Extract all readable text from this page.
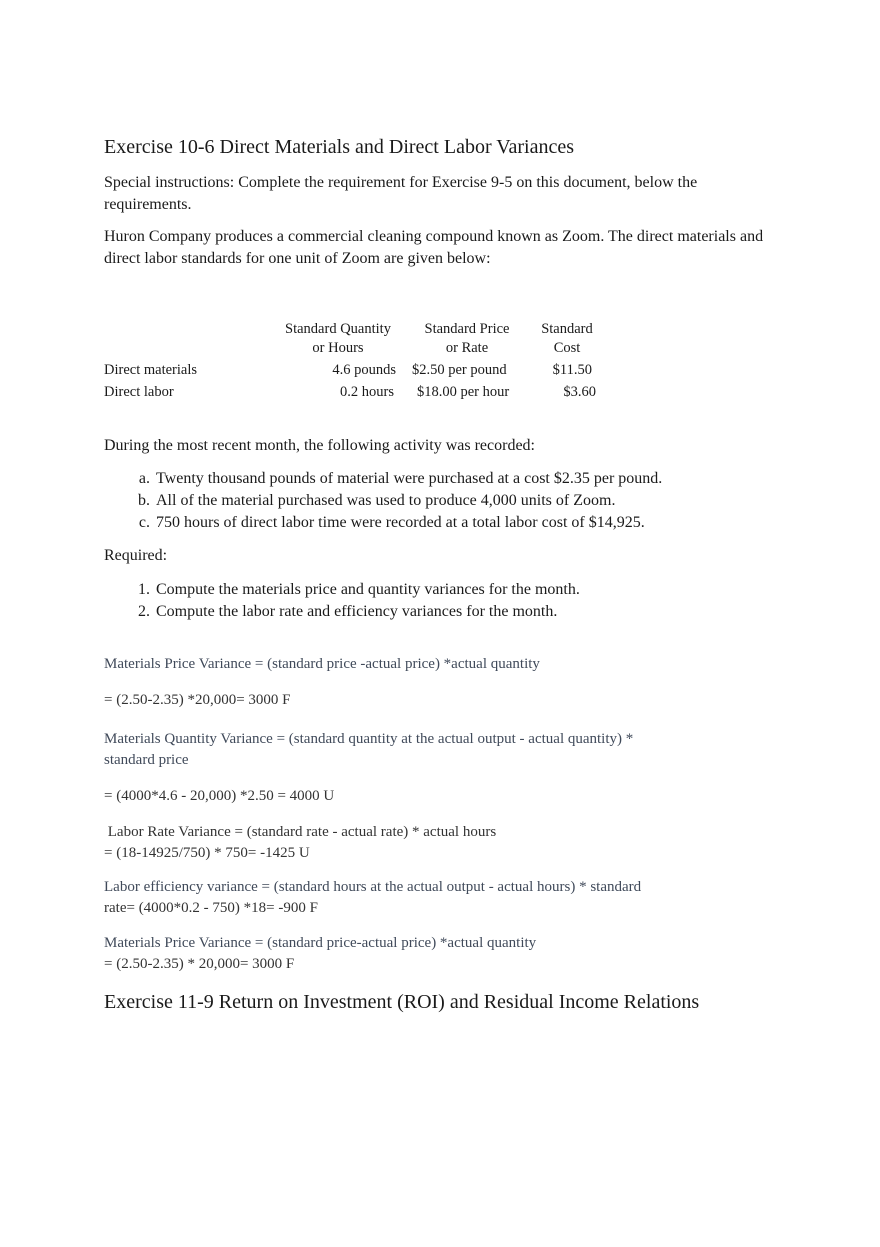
Exercise 10-6 Direct Materials and Direct Labor Variances
Special instructions: Complete the requirement for Exercise 9-5 on this document, below the requirements.
Huron Company produces a commercial cleaning compound known as Zoom. The direct materials and direct labor standards for one unit of Zoom are given below:
Standard Quantity
or Hours
Standard Price
or Rate
Standard
Cost
Direct materials	4.6 pounds $2.50 per pound	$11.50
Direct labor	0.2 hours $18.00 per hour	$3.60
During the most recent month, the following activity was recorded:
a. Twenty thousand pounds of material were purchased at a cost $2.35 per pound.
b. All of the material purchased was used to produce 4,000 units of Zoom.
c. 750 hours of direct labor time were recorded at a total labor cost of $14,925.
Required:
1. Compute the materials price and quantity variances for the month.
2. Compute the labor rate and efficiency variances for the month.
Materials Price Variance = (standard price -actual price) *actual quantity
= (2.50-2.35) *20,000= 3000 F
Materials Quantity Variance = (standard quantity at the actual output - actual quantity) * standard price
= (4000*4.6 - 20,000) *2.50 = 4000 U
Labor Rate Variance = (standard rate - actual rate) * actual hours
= (18-14925/750) * 750= -1425 U
Labor efficiency variance = (standard hours at the actual output - actual hours) * standard
rate= (4000*0.2 - 750) *18= -900 F
Materials Price Variance = (standard price-actual price) *actual quantity
= (2.50-2.35) * 20,000= 3000 F
Exercise 11-9 Return on Investment (ROI) and Residual Income Relations
